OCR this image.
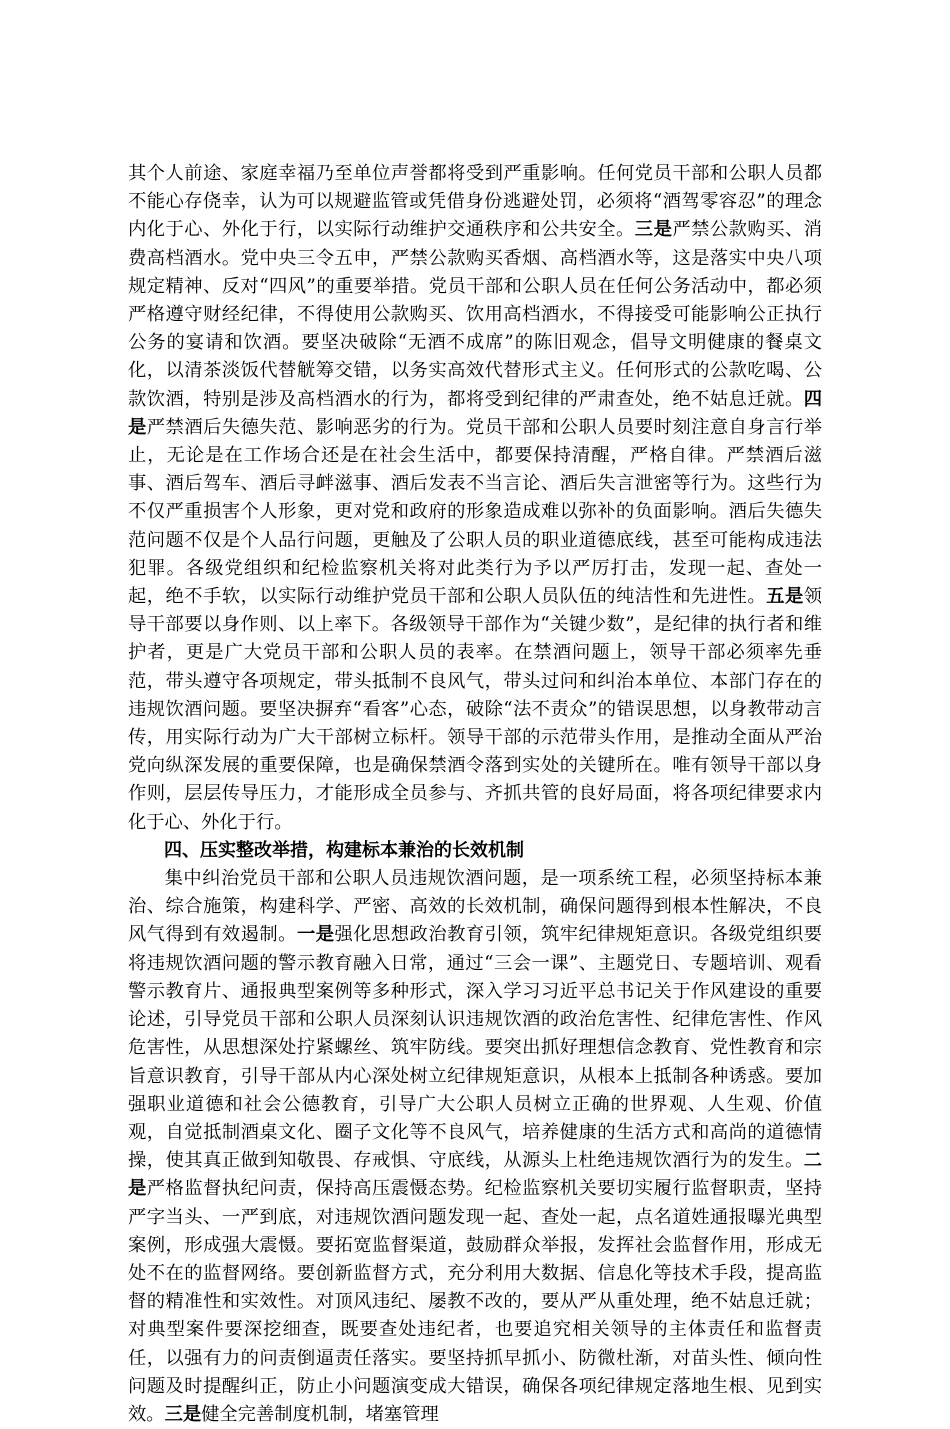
其个人前途、家庭幸福乃至单位声誉都将受到严重影响。任何党员干部和公职人员都不能心存侥幸，认为可以规避监管或凭借身份逃避处罚，必须将“酒驾零容忍”的理念内化于心、外化于行，以实际行动维护交通秩序和公共安全。三是严禁公款购买、消费高档酒水。党中央三令五申，严禁公款购买香烟、高档酒水等，这是落实中央八项规定精神、反对“四风”的重要举措。党员干部和公职人员在任何公务活动中，都必须严格遵守财经纪律，不得使用公款购买、饮用高档酒水，不得接受可能影响公正执行公务的宴请和饮酒。要坚决破除“无酒不成席”的陈旧观念，倡导文明健康的餐桌文化，以清茶淡饭代替觥筹交错，以务实高效代替形式主义。任何形式的公款吃喝、公款饮酒，特别是涉及高档酒水的行为，都将受到纪律的严肃查处，绝不姑息迁就。四是严禁酒后失德失范、影响恶劣的行为。党员干部和公职人员要时刻注意自身言行举止，无论是在工作场合还是在社会生活中，都要保持清醒，严格自律。严禁酒后滋事、酒后驾车、酒后寻衅滋事、酒后发表不当言论、酒后失言泄密等行为。这些行为不仅严重损害个人形象，更对党和政府的形象造成难以弥补的负面影响。酒后失德失范问题不仅是个人品行问题，更触及了公职人员的职业道德底线，甚至可能构成违法犯罪。各级党组织和纪检监察机关将对此类行为予以严厉打击，发现一起、查处一起，绝不手软，以实际行动维护党员干部和公职人员队伍的纯洁性和先进性。五是领导干部要以身作则、以上率下。各级领导干部作为“关键少数”，是纪律的执行者和维护者，更是广大党员干部和公职人员的表率。在禁酒问题上，领导干部必须率先垂范，带头遵守各项规定，带头抵制不良风气，带头过问和纠治本单位、本部门存在的违规饮酒问题。要坚决摒弃“看客”心态，破除“法不责众”的错误思想，以身教带动言传，用实际行动为广大干部树立标杆。领导干部的示范带头作用，是推动全面从严治党向纵深发展的重要保障，也是确保禁酒令落到实处的关键所在。唯有领导干部以身作则，层层传导压力，才能形成全员参与、齐抓共管的良好局面，将各项纪律要求内化于心、外化于行。

四、压实整改举措，构建标本兼治的长效机制

集中纠治党员干部和公职人员违规饮酒问题，是一项系统工程，必须坚持标本兼治、综合施策，构建科学、严密、高效的长效机制，确保问题得到根本性解决，不良风气得到有效遏制。一是强化思想政治教育引领，筑牢纪律规矩意识。各级党组织要将违规饮酒问题的警示教育融入日常，通过“三会一课”、主题党日、专题培训、观看警示教育片、通报典型案例等多种形式，深入学习习近平总书记关于作风建设的重要论述，引导党员干部和公职人员深刻认识违规饮酒的政治危害性、纪律危害性、作风危害性，从思想深处拧紧螺丝、筑牢防线。要突出抓好理想信念教育、党性教育和宗旨意识教育，引导干部从内心深处树立纪律规矩意识，从根本上抵制各种诱惑。要加强职业道德和社会公德教育，引导广大公职人员树立正确的世界观、人生观、价值观，自觉抵制酒桌文化、圈子文化等不良风气，培养健康的生活方式和高尚的道德情操，使其真正做到知敬畏、存戒惧、守底线，从源头上杜绝违规饮酒行为的发生。二是严格监督执纪问责，保持高压震慑态势。纪检监察机关要切实履行监督职责，坚持严字当头、一严到底，对违规饮酒问题发现一起、查处一起，点名道姓通报曝光典型案例，形成强大震慑。要拓宽监督渠道，鼓励群众举报，发挥社会监督作用，形成无处不在的监督网络。要创新监督方式，充分利用大数据、信息化等技术手段，提高监督的精准性和实效性。对顶风违纪、屡教不改的，要从严从重处理，绝不姑息迁就；对典型案件要深挖细查，既要查处违纪者，也要追究相关领导的主体责任和监督责任，以强有力的问责倒逼责任落实。要坚持抓早抓小、防微杜渐，对苗头性、倾向性问题及时提醒纠正，防止小问题演变成大错误，确保各项纪律规定落地生根、见到实效。三是健全完善制度机制，堵塞管理
